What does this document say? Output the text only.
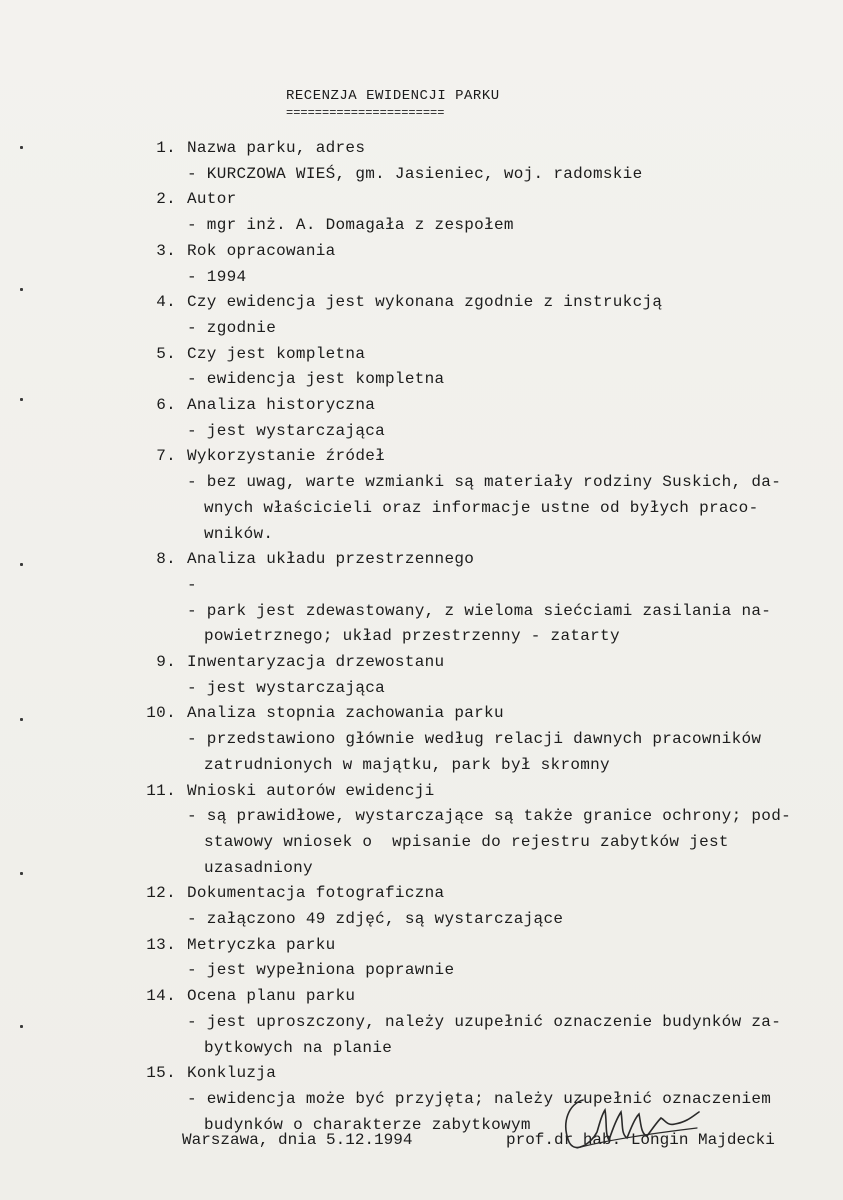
RECENZJA EWIDENCJI PARKU
======================
1. Nazwa parku, adres
- KURCZOWA WIEŚ, gm. Jasieniec, woj. radomskie
2. Autor
- mgr inż. A. Domagała z zespołem
3. Rok opracowania
- 1994
4. Czy ewidencja jest wykonana zgodnie z instrukcją
- zgodnie
5. Czy jest kompletna
- ewidencja jest kompletna
6. Analiza historyczna
- jest wystarczająca
7. Wykorzystanie źródeł
- bez uwag, warte wzmianki są materiały rodziny Suskich, da-
wnych właścicieli oraz informacje ustne od byłych praco-
wników.
8. Analiza układu przestrzennego
-
- park jest zdewastowany, z wieloma siećciami zasilania na-
powietrznego; układ przestrzenny - zatarty
9. Inwentaryzacja drzewostanu
- jest wystarczająca
10. Analiza stopnia zachowania parku
- przedstawiono głównie według relacji dawnych pracowników
zatrudnionych w majątku, park był skromny
11. Wnioski autorów ewidencji
- są prawidłowe, wystarczające są także granice ochrony; pod-
stawowy wniosek o  wpisanie do rejestru zabytków jest
uzasadniony
12. Dokumentacja fotograficzna
- załączono 49 zdjęć, są wystarczające
13. Metryczka parku
- jest wypełniona poprawnie
14. Ocena planu parku
- jest uproszczony, należy uzupełnić oznaczenie budynków za-
bytkowych na planie
15. Konkluzja
- ewidencja może być przyjęta; należy uzupełnić oznaczeniem
budynków o charakterze zabytkowym
Warszawa, dnia 5.12.1994	prof.dr hab. Longin Majdecki
